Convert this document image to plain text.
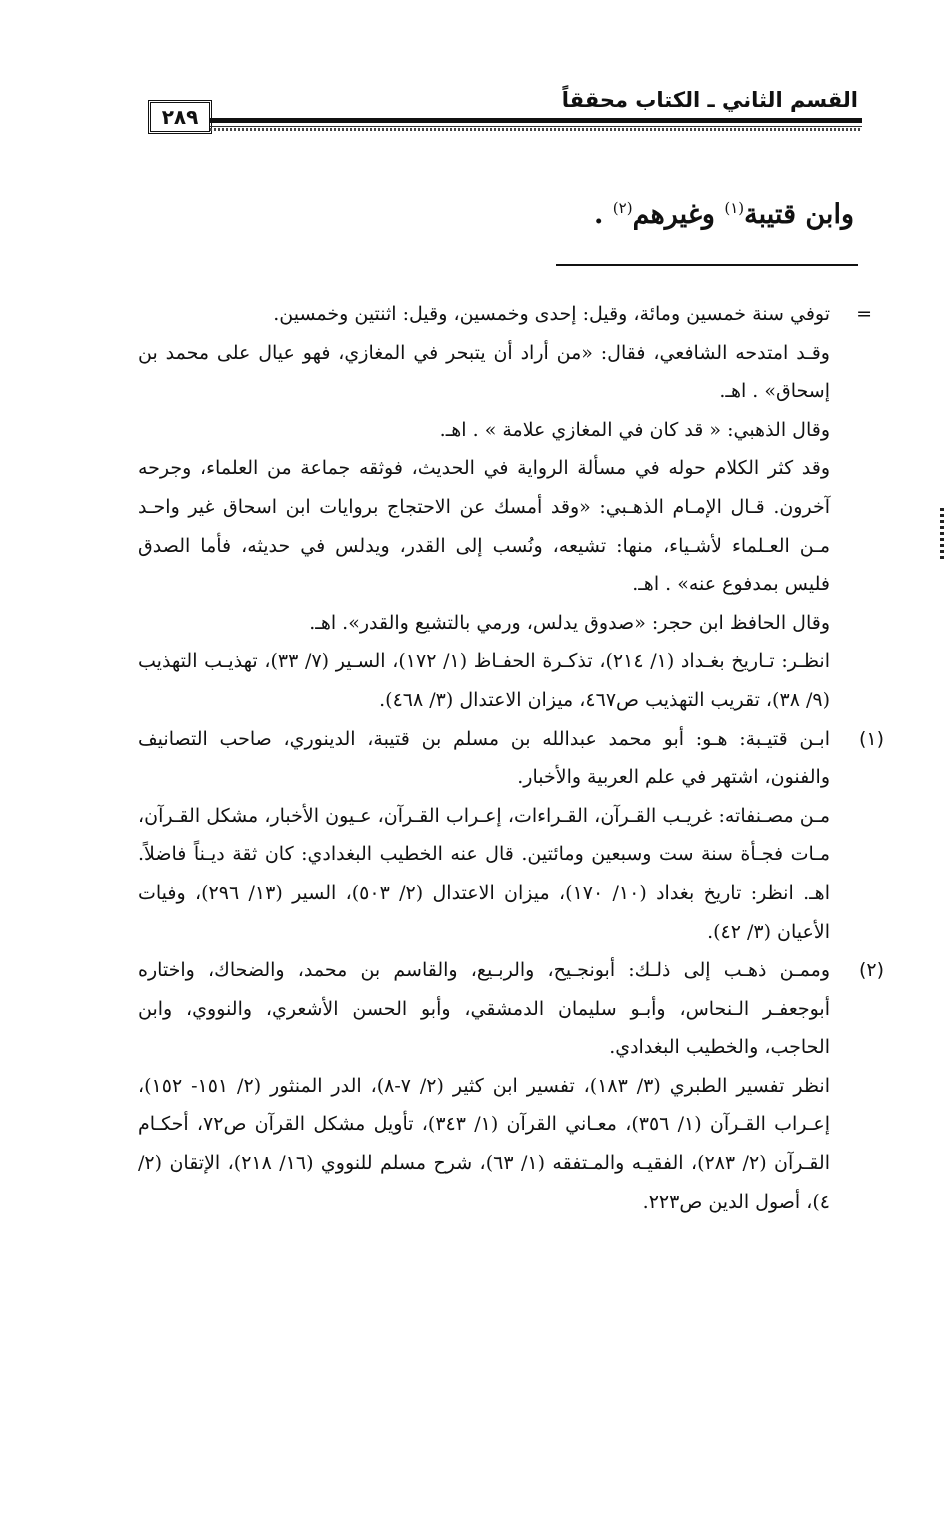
٢٨٩
القسم الثاني ـ الكتاب محققاً
وابن قتيبة$^{(١)}$ وغيرهم$^{(٢)}$ .

=
توفي سنة خمسين ومائة، وقيل: إحدى وخمسين، وقيل: اثنتين وخمسين.

وقـد امتدحه الشافعي، فقال: «من أراد أن يتبحر في المغازي، فهو عيال على محمد بن إسحاق» . اهـ.

وقال الذهبي: « قد كان في المغازي علامة » . اهـ.

وقد كثر الكلام حوله في مسألة الرواية في الحديث، فوثقه جماعة من العلماء، وجرحه آخرون. قـال الإمـام الذهـبي: «وقد أمسك عن الاحتجاج بروايات ابن اسحاق غير واحـد مـن العـلماء لأشـياء، منها: تشيعه، ونُسب إلى القدر، ويدلس في حديثه، فأما الصدق فليس بمدفوع عنه» . اهـ.

وقال الحافظ ابن حجر: «صدوق يدلس، ورمي بالتشيع والقدر». اهـ.

انظـر: تـاريخ بغـداد (١/ ٢١٤)، تذكـرة الحفـاظ (١/ ١٧٢)، السـير (٧/ ٣٣)، تهذيـب التهذيب (٩/ ٣٨)، تقريب التهذيب ص٤٦٧، ميزان الاعتدال (٣/ ٤٦٨).

(١)
ابـن قتيـبة: هـو: أبو محمد عبدالله بن مسلم بن قتيبة، الدينوري، صاحب التصانيف والفنون، اشتهر في علم العربية والأخبار.

مـن مصـنفاته: غريـب القـرآن، القـراءات، إعـراب القـرآن، عـيون الأخبار، مشكل القـرآن، مـات فجـأة سنة ست وسبعين ومائتين. قال عنه الخطيب البغدادي: كان ثقة ديـناً فاضلاً. اهـ. انظر: تاريخ بغداد (١٠/ ١٧٠)، ميزان الاعتدال (٢/ ٥٠٣)، السير (١٣/ ٢٩٦)، وفيات الأعيان (٣/ ٤٢).

(٢)
وممـن ذهـب إلى ذلـك: أبونجـيح، والربـيع، والقاسم بن محمد، والضحاك، واختاره أبوجعفـر الـنحاس، وأبـو سليمان الدمشقي، وأبو الحسن الأشعري، والنووي، وابن الحاجب، والخطيب البغدادي.

انظر تفسير الطبري (٣/ ١٨٣)، تفسير ابن كثير (٢/ ٧-٨)، الدر المنثور (٢/ ١٥١- ١٥٢)، إعـراب القـرآن (١/ ٣٥٦)، معـاني القرآن (١/ ٣٤٣)، تأويل مشكل القرآن ص٧٢، أحكـام القـرآن (٢/ ٢٨٣)، الفقيـه والمـتفقه (١/ ٦٣)، شرح مسلم للنووي (١٦/ ٢١٨)، الإتقان (٢/ ٤)، أصول الدين ص٢٢٣.
